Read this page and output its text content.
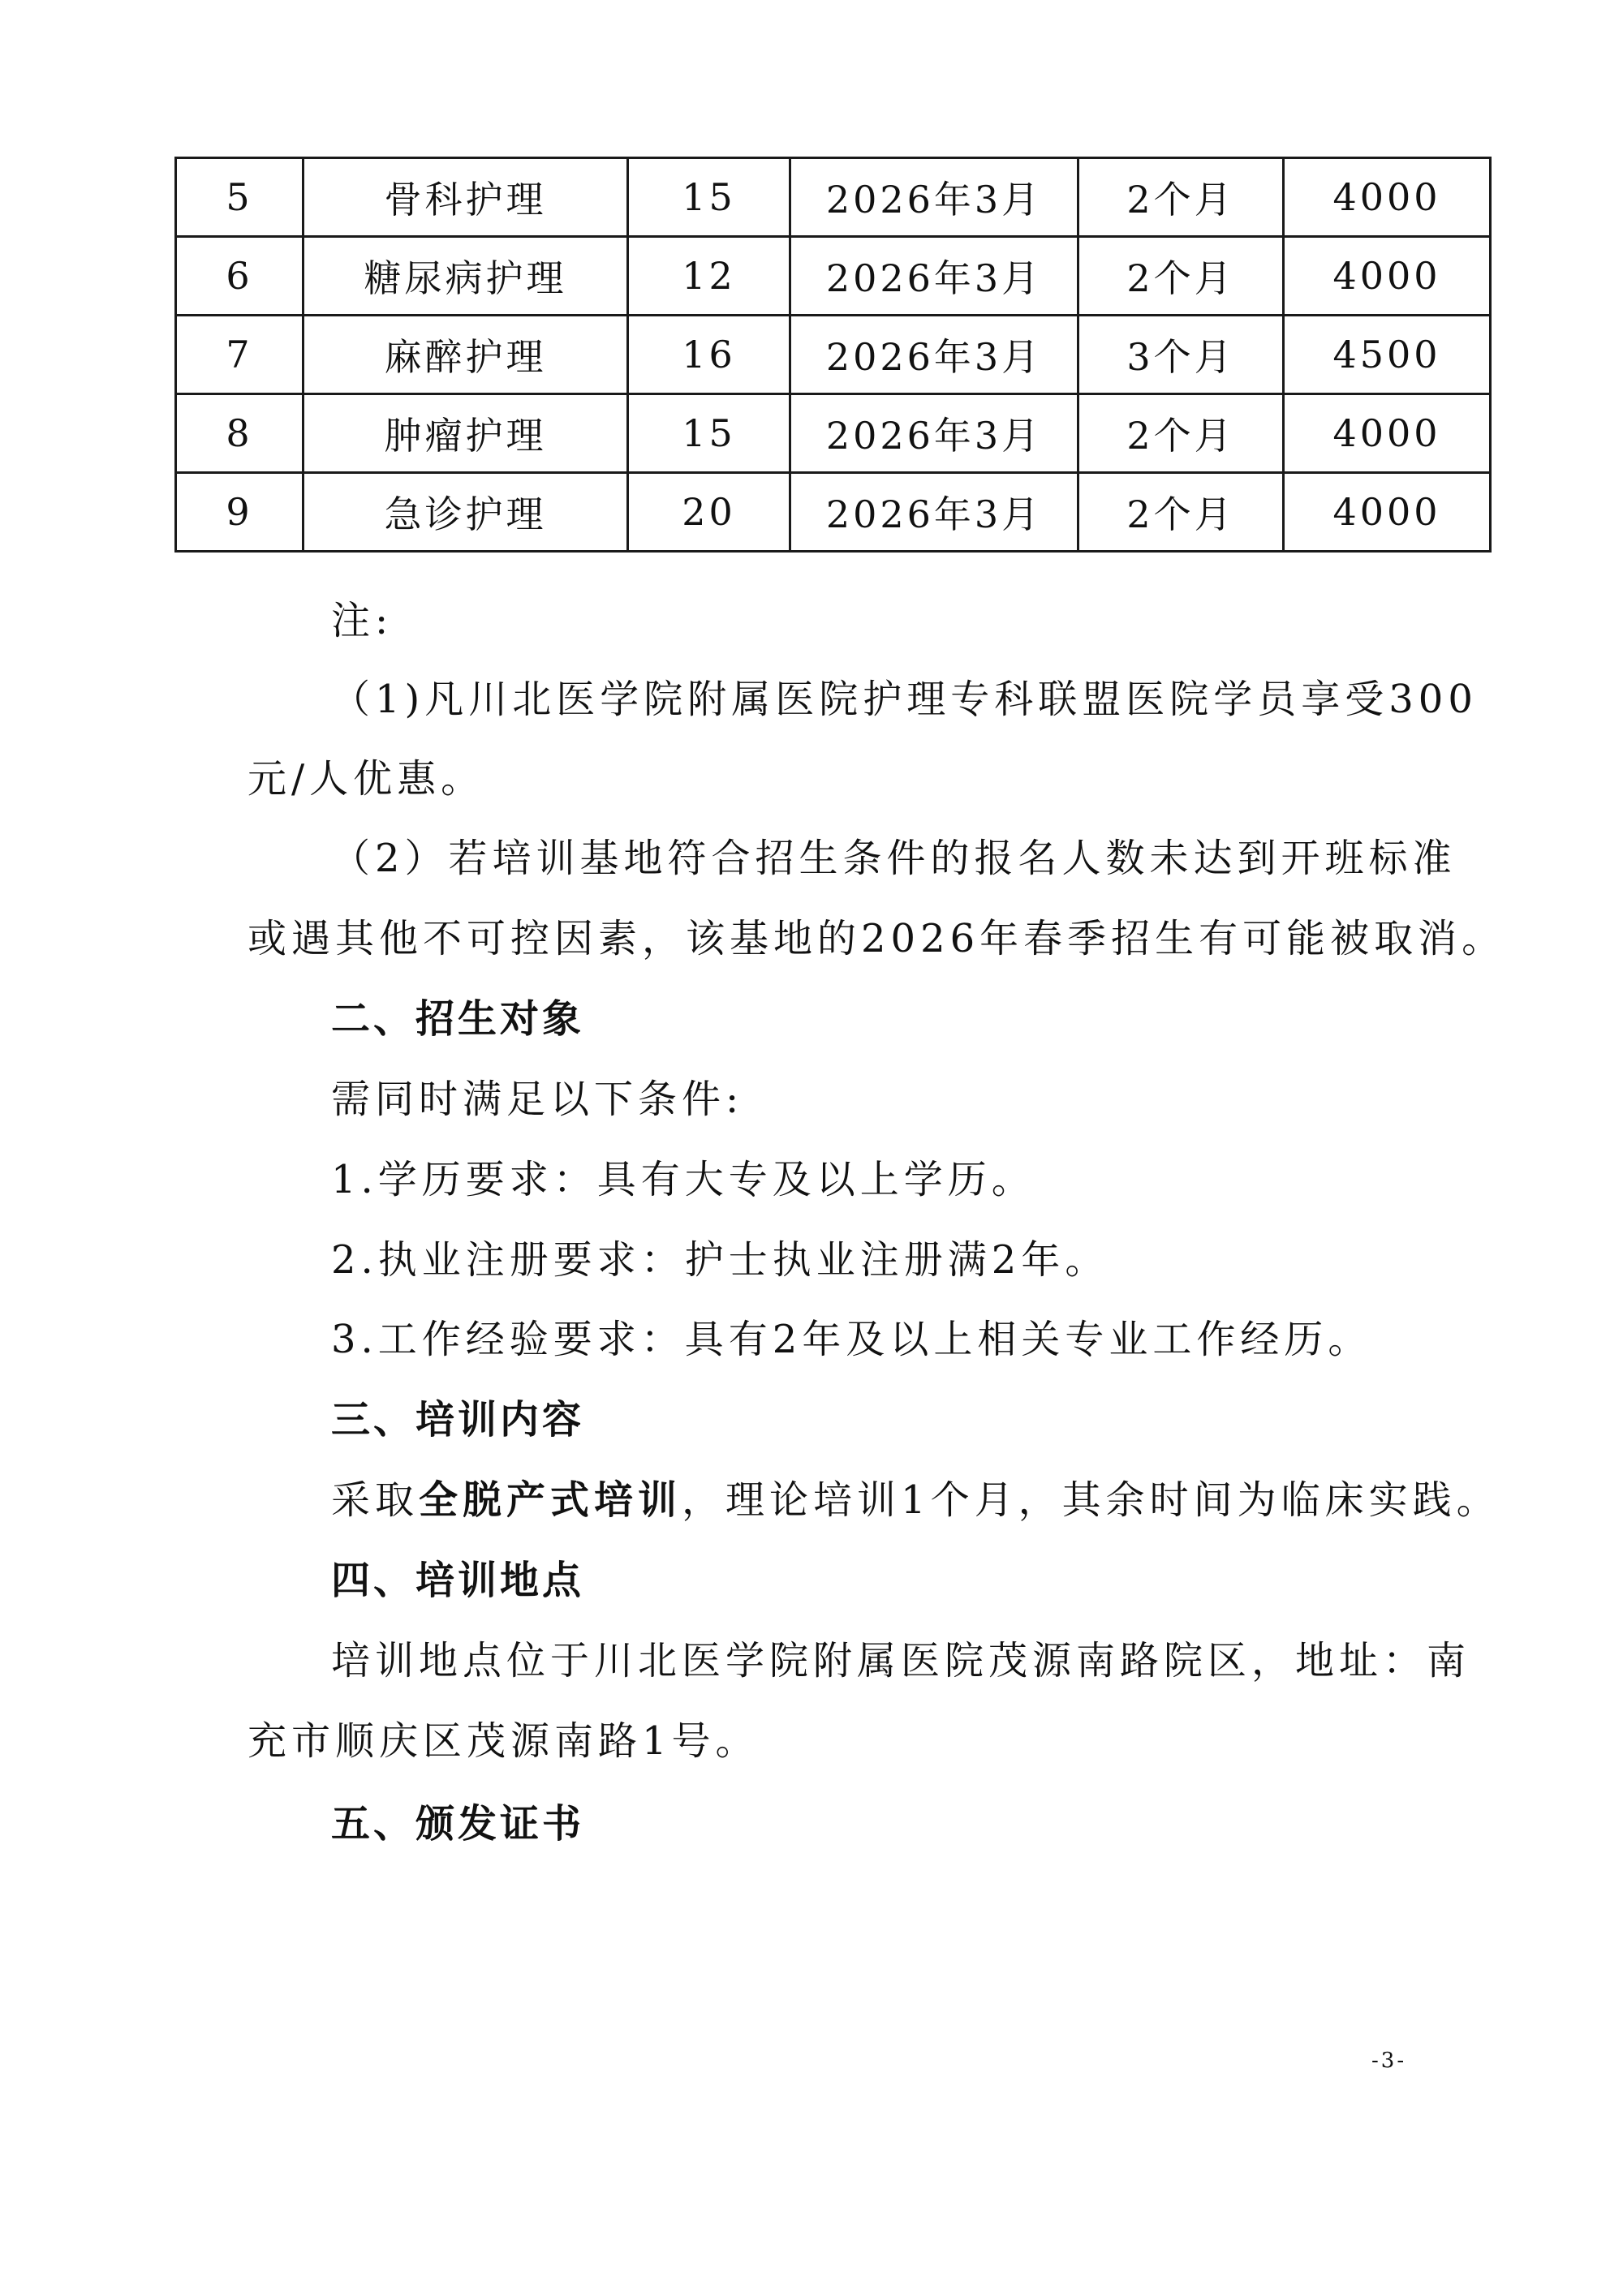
5	骨科护理	15	2026年3月	2个月	4000
6	糖尿病护理	12	2026年3月	2个月	4000
7	麻醉护理	16	2026年3月	3个月	4500
8	肿瘤护理	15	2026年3月	2个月	4000
9	急诊护理	20	2026年3月	2个月	4000
注:
（1)凡川北医学院附属医院护理专科联盟医院学员享受300
元/人优惠。
（2）若培训基地符合招生条件的报名人数未达到开班标准
或遇其他不可控因素，该基地的2026年春季招生有可能被取消。
二、招生对象
需同时满足以下条件:
1.学历要求：具有大专及以上学历。
2.执业注册要求：护士执业注册满2年。
3.工作经验要求：具有2年及以上相关专业工作经历。
三、培训内容
采取全脱产式培训，理论培训1个月，其余时间为临床实践。
四、培训地点
培训地点位于川北医学院附属医院茂源南路院区，地址：南
充市顺庆区茂源南路1号。
五、颁发证书
-3-
